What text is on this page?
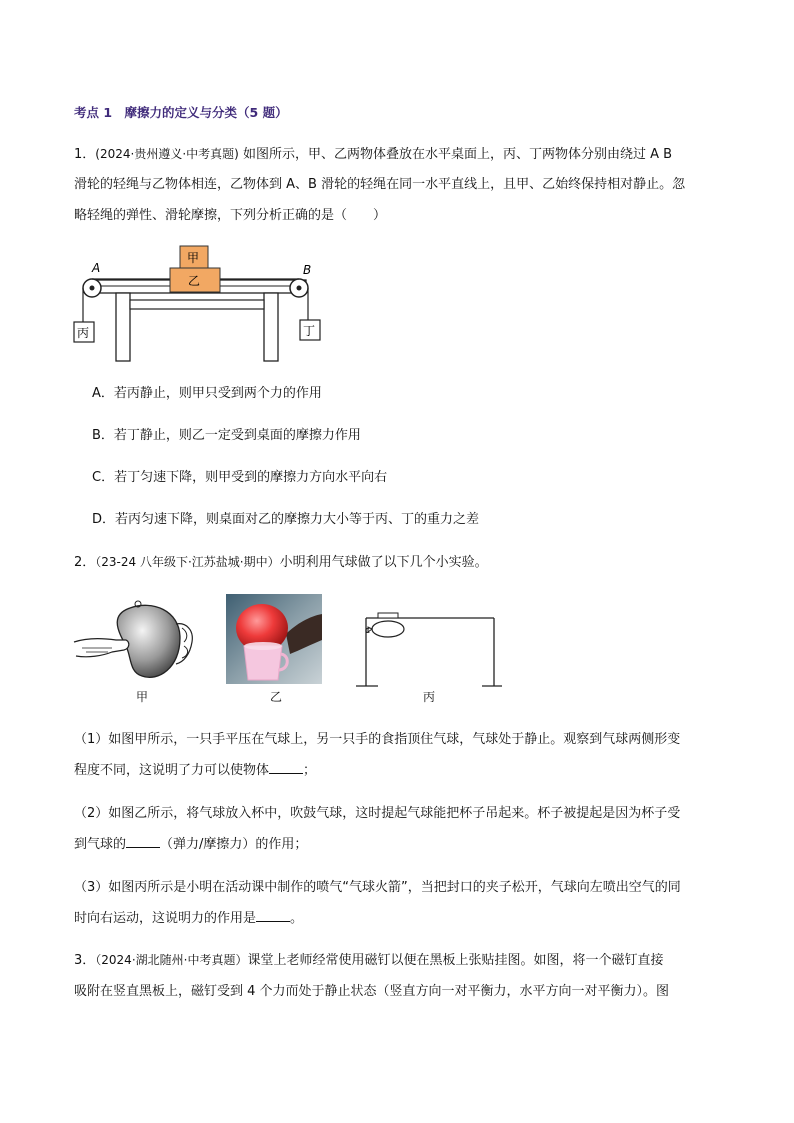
考点 1　摩擦力的定义与分类（5 题）
1．(2024·贵州遵义·中考真题) 如图所示，甲、乙两物体叠放在水平桌面上，丙、丁两物体分别由绕过 A B
滑轮的轻绳与乙物体相连，乙物体到 A、B 滑轮的轻绳在同一水平直线上，且甲、乙始终保持相对静止。忽
略轻绳的弹性、滑轮摩擦，下列分析正确的是（　　）
A	B
甲
乙
丙	丁
A．若丙静止，则甲只受到两个力的作用
B．若丁静止，则乙一定受到桌面的摩擦力作用
C．若丁匀速下降，则甲受到的摩擦力方向水平向右
D．若丙匀速下降，则桌面对乙的摩擦力大小等于丙、丁的重力之差
2．（23-24 八年级下·江苏盐城·期中）小明利用气球做了以下几个小实验。
甲	乙
c
丙
（1）如图甲所示，一只手平压在气球上，另一只手的食指顶住气球，气球处于静止。观察到气球两侧形变
程度不同，这说明了力可以使物体	；
（2）如图乙所示，将气球放入杯中，吹鼓气球，这时提起气球能把杯子吊起来。杯子被提起是因为杯子受
到气球的	（弹力/摩擦力）的作用；
（3）如图丙所示是小明在活动课中制作的喷气“气球火箭”，当把封口的夹子松开，气球向左喷出空气的同
时向右运动，这说明力的作用是	。
3．（2024·湖北随州·中考真题）课堂上老师经常使用磁钉以便在黑板上张贴挂图。如图，将一个磁钉直接
吸附在竖直黑板上，磁钉受到 4 个力而处于静止状态（竖直方向一对平衡力，水平方向一对平衡力）。图
